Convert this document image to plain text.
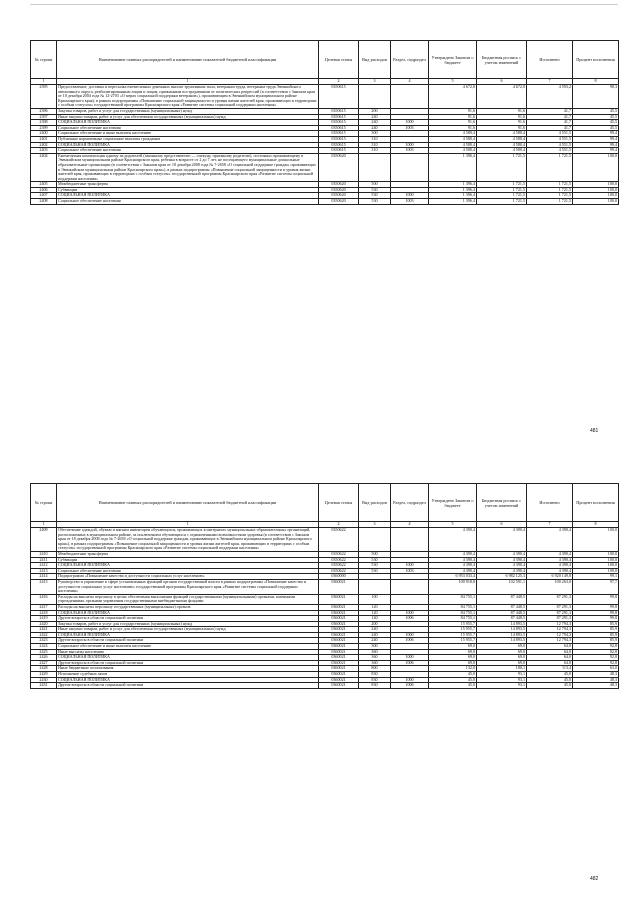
№ строки	Наименование главных распорядителей и наименование показателей бюджетной классификации	Целевая статья	Вид расходов	Раздел, подраздел	Утверждено Законом о бюджете	Бюджетная роспись с учетом изменений	Исполнено	Процент исполнения
1	1	2	3	4	5	6	7	8
2395	Предоставление, доставка и пересылка ежемесячных денежных выплат труженикам тыла, ветеранам труда, ветеранам труда Эвенкийского автономного округа, реабилитированным лицам и лицам, признанным пострадавшими от политических репрессий (в соответствии с Законом края от 10 декабря 2004 года № 12-2703 «О мерах социальной поддержки ветеранов»), проживающим в Эвенкийском муниципальном районе Красноярского края), в рамках подпрограммы «Повышение социальной защищенности и уровня жизни жителей края, проживающих в территориях с особым статусом» государственной программы Красноярского края «Развитие системы социальной поддержки населения»	0350615			4 672,0	4 672,0	4 593,2	98,3
2396	Закупка товаров, работ и услуг для государственных (муниципальных) нужд	0350615	200		91,6	91,6	41,7	45,5
2397	Иные закупки товаров, работ и услуг для обеспечения государственных (муниципальных) нужд	0350615	240		91,6	91,6	41,7	45,5
2398	СОЦИАЛЬНАЯ ПОЛИТИКА	0350615	240	1000	91,6	91,6	41,7	45,5
2399	Социальное обеспечение населения	0350615	240	1003	91,6	91,6	41,7	45,5
2400	Социальное обеспечение и иные выплаты населению	0350615	300		4 580,4	4 580,4	4 551,5	99,4
2401	Публичные нормативные социальные выплаты гражданам	0350615	310		4 580,4	4 580,4	4 551,5	99,4
2402	СОЦИАЛЬНАЯ ПОЛИТИКА	0350615	310	1000	4 580,4	4 580,4	4 551,5	99,4
2403	Социальное обеспечение населения	0350615	310	1003	4 580,4	4 580,4	4 551,5	99,4
2404	Ежемесячная компенсация одному из родителей (законному представителю — опекуну, приемному родителю), постоянно проживающему в Эвенкийском муниципальном районе Красноярского края, ребенка в возрасте от 2 до 7 лет, не посещающего муниципальные дошкольные образовательные организации (в соответствии с Законом края от 18 декабря 2008 года № 7-2658 «О социальной поддержке граждан, проживающих в Эвенкийском муниципальном районе Красноярского края»), в рамках подпрограммы «Повышение социальной защищенности и уровня жизни жителей края, проживающих в территориях с особым статусом» государственной программы Красноярского края «Развитие системы социальной поддержки населения»	0350620			1 396,4	1 721,5	1 721,5	100,0
2405	Межбюджетные трансферты	0350620	500		1 396,4	1 721,5	1 721,5	100,0
2406	Субвенции	0350620	530		1 396,4	1 721,5	1 721,5	100,0
2407	СОЦИАЛЬНАЯ ПОЛИТИКА	0350620	530	1000	1 396,4	1 721,5	1 721,5	100,0
2408	Социальное обеспечение населения	0350620	530	1003	1 396,4	1 721,5	1 721,5	100,0
481
№ строки	Наименование главных распорядителей и наименование показателей бюджетной классификации	Целевая статья	Вид расходов	Раздел, подраздел	Утверждено Законом о бюджете	Бюджетная роспись с учетом изменений	Исполнено	Процент исполнения
1	1	2	3	4	5	6	7	8
2409	Обеспечение одеждой, обувью и мягким инвентарем обучающихся, проживающих в интернатах муниципальных образовательных организаций, расположенных в муниципальном районе, за исключением обучающихся с ограниченными возможностями здоровья (в соответствии с Законом края от 18 декабря 2008 года № 7-2658 «О социальной поддержке граждан, проживающих в Эвенкийском муниципальном районе Красноярского края»), в рамках подпрограммы «Повышение социальной защищенности и уровня жизни жителей края, проживающих в территориях с особым статусом» государственной программы Красноярского края «Развитие системы социальной поддержки населения»	0350622			4 390,4	4 390,4	4 390,4	100,0
2410	Межбюджетные трансферты	0350622	500		4 390,4	4 390,4	4 390,4	100,0
2411	Субвенции	0350622	530		4 390,4	4 390,4	4 390,4	100,0
2412	СОЦИАЛЬНАЯ ПОЛИТИКА	0350622	530	1000	4 390,4	4 390,4	4 390,4	100,0
2413	Социальное обеспечение населения	0350622	530	1003	4 390,4	4 390,4	4 390,4	100,0
2414	Подпрограмма «Повышение качества и доступности социальных услуг населению»	0360000			6 953 033,4	6 982 125,3	6 920 149,8	99,1
2415	Руководство и управление в сфере установленных функций органов государственной власти в рамках подпрограммы «Повышение качества и доступности социальных услуг населению» государственной программы Красноярского края «Развитие системы социальной поддержки населения»	0360021			100 918,8	102 591,1	100 263,0	97,7
2416	Расходы на выплаты персоналу в целях обеспечения выполнения функций государственными (муниципальными) органами, казенными учреждениями, органами управления государственными внебюджетными фондами	0360021	100		84 755,1	87 448,5	87 291,3	99,8
2417	Расходы на выплаты персоналу государственных (муниципальных) органов	0360021	120		84 755,1	87 448,5	87 291,3	99,8
2418	СОЦИАЛЬНАЯ ПОЛИТИКА	0360021	120	1000	84 755,1	87 448,5	87 291,3	99,8
2419	Другие вопросы в области социальной политики	0360021	120	1006	84 755,1	87 448,5	87 291,3	99,8
2420	Закупка товаров, работ и услуг для государственных (муниципальных) нужд	0360021	200		15 955,7	14 893,5	12 794,3	85,9
2421	Иные закупки товаров, работ и услуг для обеспечения государственных (муниципальных) нужд	0360021	240		15 955,7	14 893,5	12 794,3	85,9
2422	СОЦИАЛЬНАЯ ПОЛИТИКА	0360021	240	1000	15 955,7	14 893,5	12 794,3	85,9
2423	Другие вопросы в области социальной политики	0360021	240	1006	15 955,7	14 893,5	12 794,3	85,9
2424	Социальное обеспечение и иные выплаты населению	0360021	300		69,0	69,0	64,0	92,8
2425	Иные выплаты населению	0360021	360		69,0	69,0	64,0	92,8
2426	СОЦИАЛЬНАЯ ПОЛИТИКА	0360021	360	1000	69,0	69,0	64,0	92,8
2427	Другие вопросы в области социальной политики	0360021	360	1006	69,0	69,0	64,0	92,8
2428	Иные бюджетные ассигнования	0360021	800		132,0	180,1	113,4	63,0
2429	Исполнение судебных актов	0360021	830		45,0	93,1	45,0	48,3
2430	СОЦИАЛЬНАЯ ПОЛИТИКА	0360021	830	1000	45,0	93,1	45,0	48,3
2431	Другие вопросы в области социальной политики	0360021	830	1006	45,0	93,1	45,0	48,3
482
